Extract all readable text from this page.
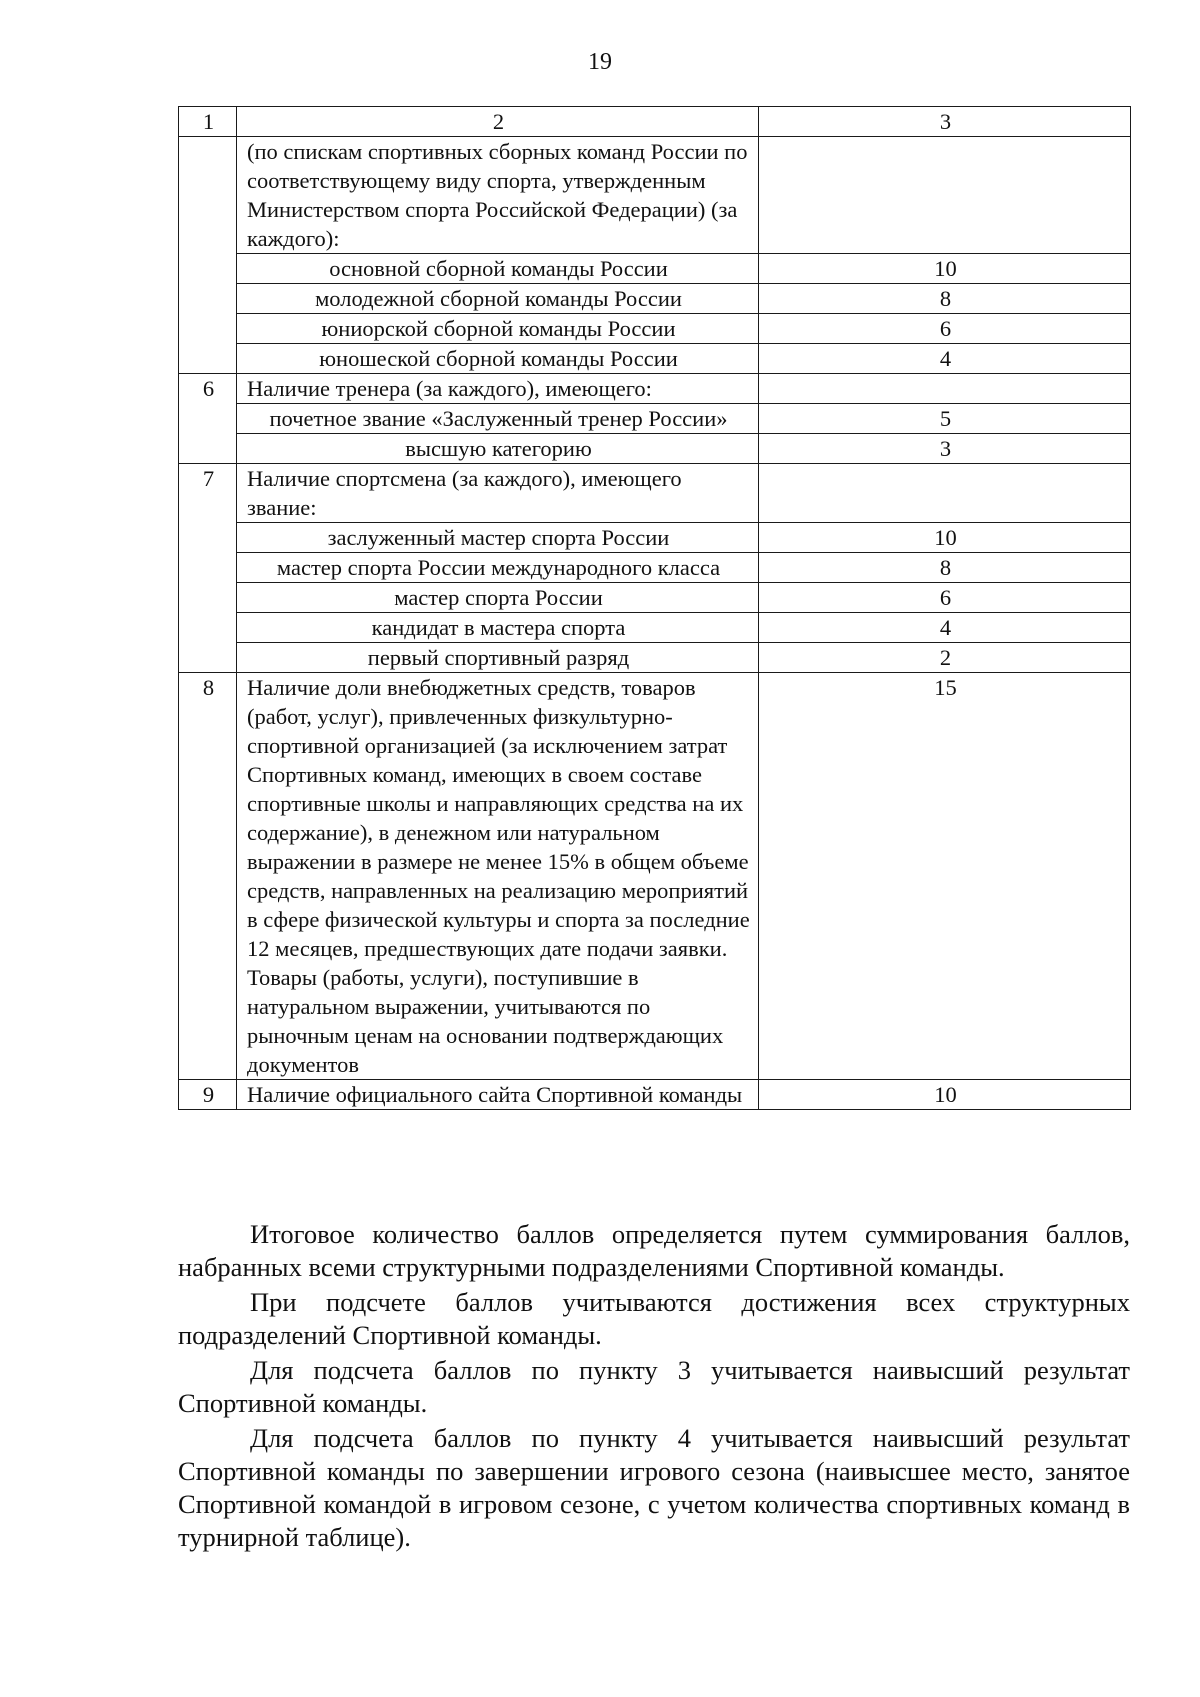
19
1	2	3
	(по спискам спортивных сборных команд России по соответствующему виду спорта, утвержденным Министерством спорта Российской Федерации) (за каждого):	
	основной сборной команды России	10
	молодежной сборной команды России	8
	юниорской сборной команды России	6
	юношеской сборной команды России	4
6	Наличие тренера (за каждого), имеющего:	
	почетное звание «Заслуженный тренер России»	5
	высшую категорию	3
7	Наличие спортсмена (за каждого), имеющего звание:	
	заслуженный мастер спорта России	10
	мастер спорта России международного класса	8
	мастер спорта России	6
	кандидат в мастера спорта	4
	первый спортивный разряд	2
8	Наличие доли внебюджетных средств, товаров (работ, услуг), привлеченных физкультурно-спортивной организацией (за исключением затрат Спортивных команд, имеющих в своем составе спортивные школы и направляющих средства на их содержание), в денежном или натуральном выражении в размере не менее 15% в общем объеме средств, направленных на реализацию мероприятий в сфере физической культуры и спорта за последние 12 месяцев, предшествующих дате подачи заявки. Товары (работы, услуги), поступившие в натуральном выражении, учитываются по рыночным ценам на основании подтверждающих документов	15
9	Наличие официального сайта Спортивной команды	10

Итоговое количество баллов определяется путем суммирования баллов, набранных всеми структурными подразделениями Спортивной команды.

При подсчете баллов учитываются достижения всех структурных подразделений Спортивной команды.

Для подсчета баллов по пункту 3 учитывается наивысший результат Спортивной команды.

Для подсчета баллов по пункту 4 учитывается наивысший результат Спортивной команды по завершении игрового сезона (наивысшее место, занятое Спортивной командой в игровом сезоне, с учетом количества спортивных команд в турнирной таблице).
